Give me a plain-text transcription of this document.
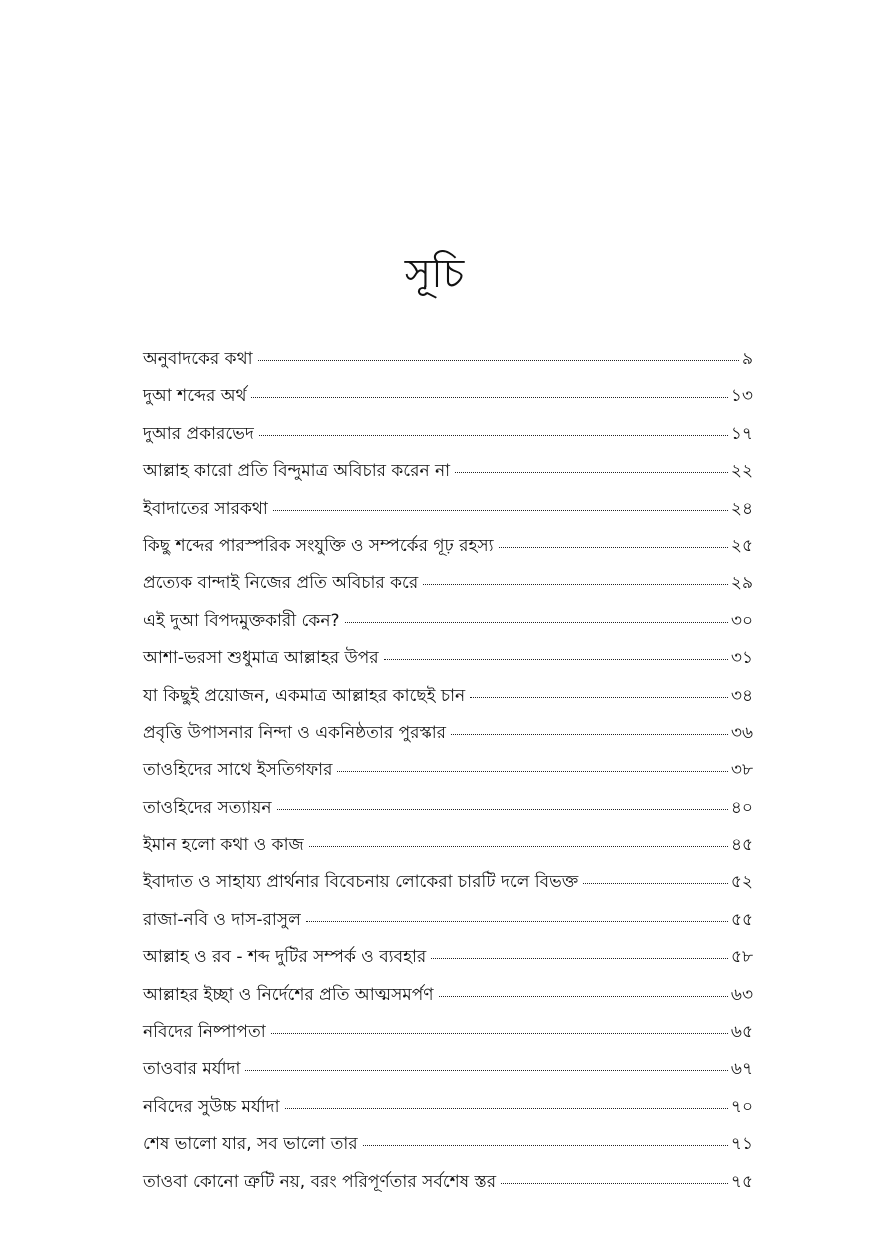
সূচি
অনুবাদকের কথা	৯
দুআ শব্দের অর্থ	১৩
দুআর প্রকারভেদ	১৭
আল্লাহ কারো প্রতি বিন্দুমাত্র অবিচার করেন না	২২
ইবাদাতের সারকথা	২৪
কিছু শব্দের পারস্পরিক সংযুক্তি ও সম্পর্কের গূঢ় রহস্য	২৫
প্রত্যেক বান্দাই নিজের প্রতি অবিচার করে	২৯
এই দুআ বিপদমুক্তকারী কেন?	৩০
আশা-ভরসা শুধুমাত্র আল্লাহর উপর	৩১
যা কিছুই প্রয়োজন, একমাত্র আল্লাহর কাছেই চান	৩৪
প্রবৃত্তি উপাসনার নিন্দা ও একনিষ্ঠতার পুরস্কার	৩৬
তাওহিদের সাথে ইসতিগফার	৩৮
তাওহিদের সত্যায়ন	৪০
ইমান হলো কথা ও কাজ	৪৫
ইবাদাত ও সাহায্য প্রার্থনার বিবেচনায় লোকেরা চারটি দলে বিভক্ত	৫২
রাজা-নবি ও দাস-রাসুল	৫৫
আল্লাহ ও রব - শব্দ দুটির সম্পর্ক ও ব্যবহার	৫৮
আল্লাহর ইচ্ছা ও নির্দেশের প্রতি আত্মসমর্পণ	৬৩
নবিদের নিষ্পাপতা	৬৫
তাওবার মর্যাদা	৬৭
নবিদের সুউচ্চ মর্যাদা	৭০
শেষ ভালো যার, সব ভালো তার	৭১
তাওবা কোনো ত্রুটি নয়, বরং পরিপূর্ণতার সর্বশেষ স্তর	৭৫
